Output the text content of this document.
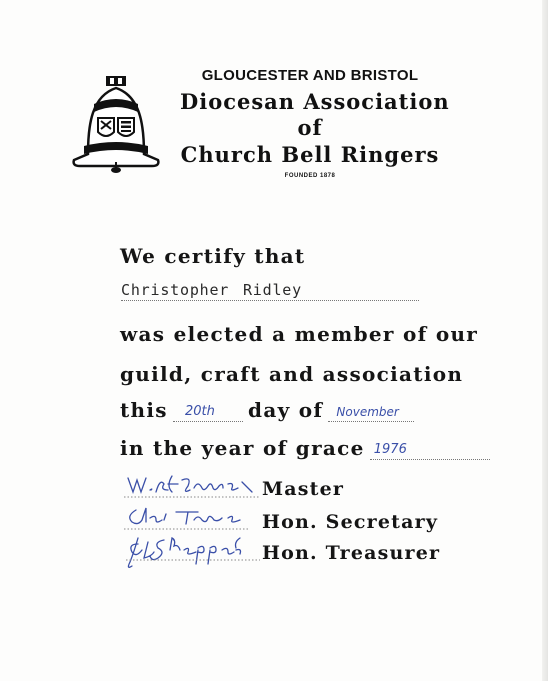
GLOUCESTER AND BRISTOL
Diocesan Association
of
Church Bell Ringers
FOUNDED 1878
We certify that
Christopher Ridley
was elected a member of our
guild, craft and association
this 20th day of November
in the year of grace 1976
Master
Hon. Secretary
Hon. Treasurer
